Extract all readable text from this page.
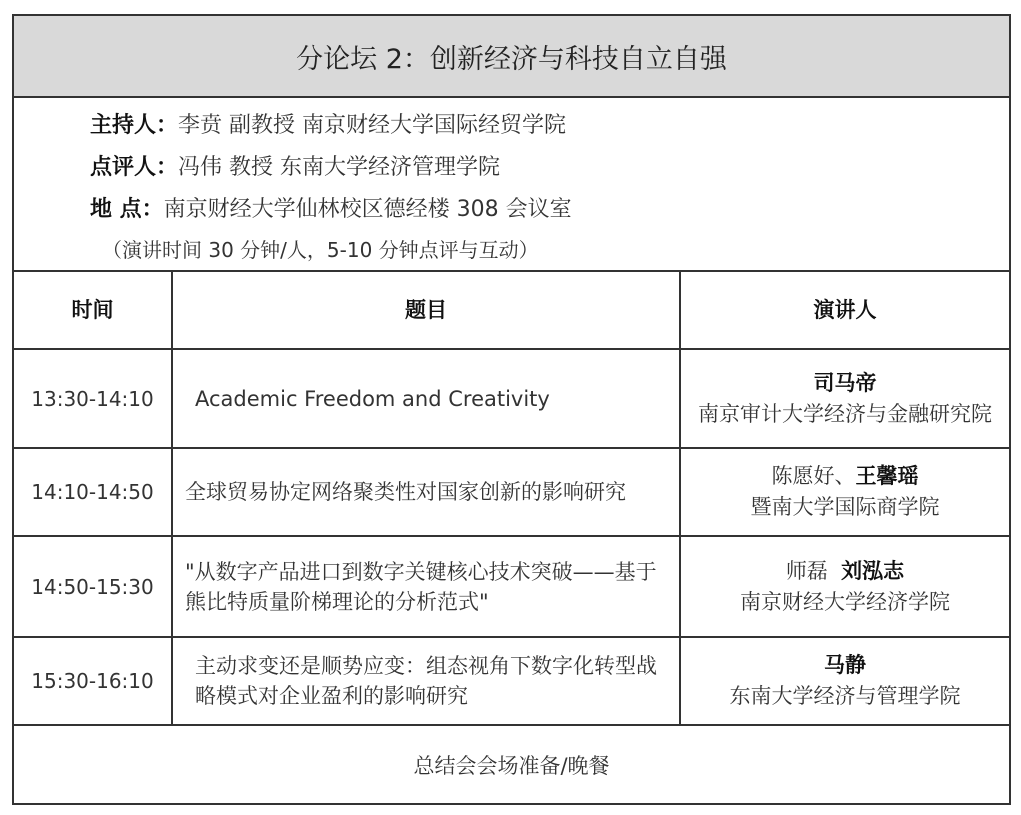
分论坛 2：创新经济与科技自立自强
主持人：李贲 副教授 南京财经大学国际经贸学院
点评人：冯伟 教授 东南大学经济管理学院
地 点：南京财经大学仙林校区德经楼 308 会议室
（演讲时间 30 分钟/人，5-10 分钟点评与互动）
时间	题目	演讲人
13:30-14:10	Academic Freedom and Creativity	司马帝
南京审计大学经济与金融研究院

14:10-14:50	全球贸易协定网络聚类性对国家创新的影响研究	陈愿好、王馨瑶
暨南大学国际商学院

14:50-15:30	"从数字产品进口到数字关键核心技术突破——基于熊比特质量阶梯理论的分析范式"	师磊  刘泓志
南京财经大学经济学院

15:30-16:10	主动求变还是顺势应变：组态视角下数字化转型战略模式对企业盈利的影响研究	马静
东南大学经济与管理学院

总结会会场准备/晚餐		
